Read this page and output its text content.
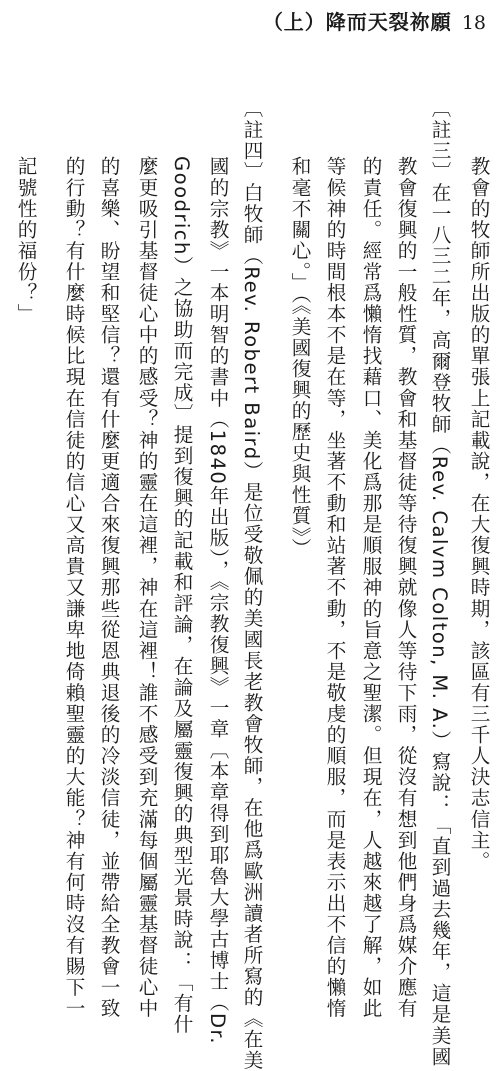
（上）降而天裂祢願 18
教會的牧師所出版的單張上記載說，在大復興時期，該區有三千人決志信主。
〔註三〕在一八三二年，高爾登牧師（Rev. Calvm Colton, M. A.）寫說：「直到過去幾年，這是美國
教會復興的一般性質，教會和基督徒等待復興就像人等待下雨，從沒有想到他們身爲媒介應有
的責任。經常爲懶惰找藉口、美化爲那是順服神的旨意之聖潔。但現在，人越來越了解，如此
等候神的時間根本不是在等，坐著不動和站著不動，不是敬虔的順服，而是表示出不信的懶惰
和毫不關心。」（《美國復興的歷史與性質》）
〔註四〕白牧師（Rev. Robert Baird）是位受敬佩的美國長老教會牧師，在他爲歐洲讀者所寫的《在美
國的宗教》一本明智的書中（1840年出版），《宗教復興》一章〔本章得到耶魯大學古博士（Dr.
Goodrich）之協助而完成〕提到復興的記載和評論，在論及屬靈復興的典型光景時說：「有什
麼更吸引基督徒心中的感受？神的靈在這裡，神在這裡！誰不感受到充滿每個屬靈基督徒心中
的喜樂、盼望和堅信？還有什麼更適合來復興那些從恩典退後的冷淡信徒，並帶給全教會一致
的行動？有什麼時候比現在信徒的信心又高貴又謙卑地倚賴聖靈的大能？神有何時沒有賜下一
記號性的福份？」
